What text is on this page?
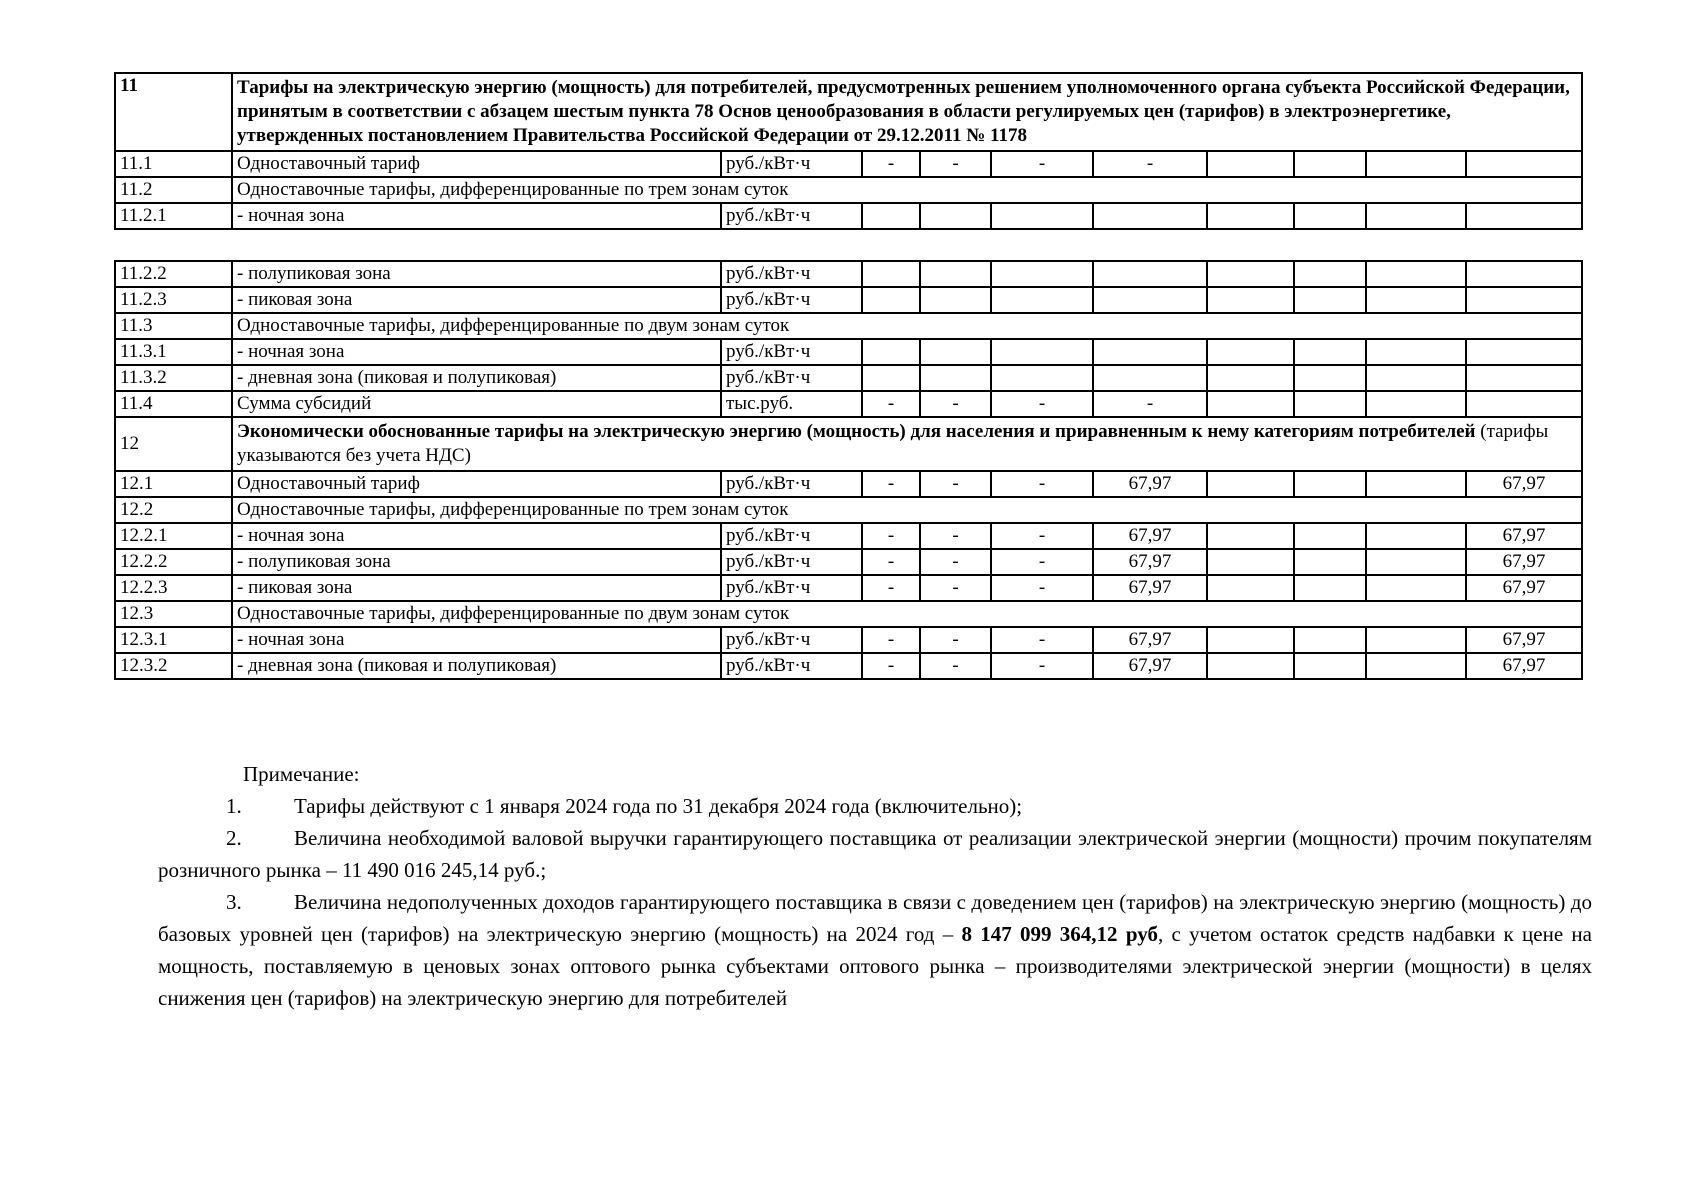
11	Тарифы на электрическую энергию (мощность) для потребителей, предусмотренных решением уполномоченного органа субъекта Российской Федерации, принятым в соответствии с абзацем шестым пункта 78 Основ ценообразования в области регулируемых цен (тарифов) в электроэнергетике, утвержденных постановлением Правительства Российской Федерации от 29.12.2011 № 1178									
11.1	Одноставочный тариф	руб./кВт·ч	-	-	-	-				
11.2	Одноставочные тарифы, дифференцированные по трем зонам суток									
11.2.1	- ночная зона	руб./кВт·ч								
11.2.2	- полупиковая зона	руб./кВт·ч								
11.2.3	- пиковая зона	руб./кВт·ч								
11.3	Одноставочные тарифы, дифференцированные по двум зонам суток									
11.3.1	- ночная зона	руб./кВт·ч								
11.3.2	- дневная зона (пиковая и полупиковая)	руб./кВт·ч								
11.4	Сумма субсидий	тыс.руб.	-	-	-	-				
12	Экономически обоснованные тарифы на электрическую энергию (мощность) для населения и приравненным к нему категориям потребителей (тарифы указываются без учета НДС)									
12.1	Одноставочный тариф	руб./кВт·ч	-	-	-	67,97				67,97
12.2	Одноставочные тарифы, дифференцированные по трем зонам суток									
12.2.1	- ночная зона	руб./кВт·ч	-	-	-	67,97				67,97
12.2.2	- полупиковая зона	руб./кВт·ч	-	-	-	67,97				67,97
12.2.3	- пиковая зона	руб./кВт·ч	-	-	-	67,97				67,97
12.3	Одноставочные тарифы, дифференцированные по двум зонам суток									
12.3.1	- ночная зона	руб./кВт·ч	-	-	-	67,97				67,97
12.3.2	- дневная зона (пиковая и полупиковая)	руб./кВт·ч	-	-	-	67,97				67,97

Примечание:

1. Тарифы действуют с 1 января 2024 года по 31 декабря 2024 года (включительно);

2. Величина необходимой валовой выручки гарантирующего поставщика от реализации электрической энергии (мощности) прочим покупателям розничного рынка – 11 490 016 245,14 руб.;

3. Величина недополученных доходов гарантирующего поставщика в связи с доведением цен (тарифов) на электрическую энергию (мощность) до базовых уровней цен (тарифов) на электрическую энергию (мощность) на 2024 год – 8 147 099 364,12 руб, с учетом остаток средств надбавки к цене на мощность, поставляемую в ценовых зонах оптового рынка субъектами оптового рынка – производителями электрической энергии (мощности) в целях снижения цен (тарифов) на электрическую энергию для потребителей
